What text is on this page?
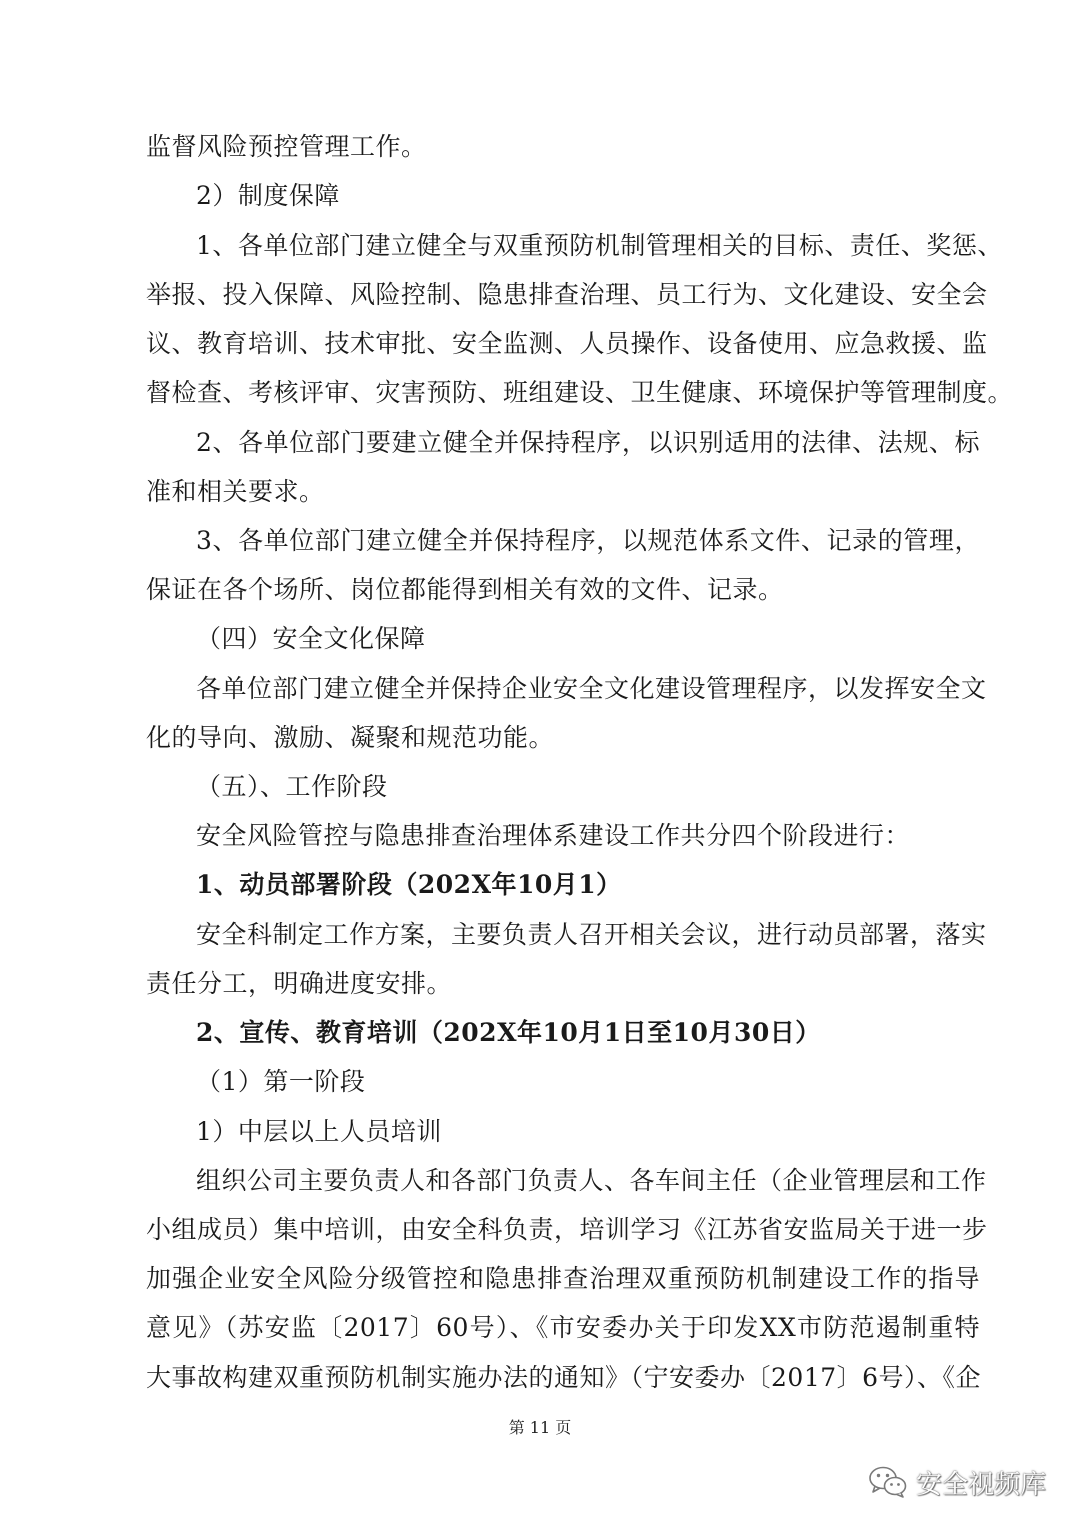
监督风险预控管理工作。
2）制度保障
1、各单位部门建立健全与双重预防机制管理相关的目标、责任、奖惩、
举报、投入保障、风险控制、隐患排查治理、员工行为、文化建设、安全会
议、教育培训、技术审批、安全监测、人员操作、设备使用、应急救援、监
督检查、考核评审、灾害预防、班组建设、卫生健康、环境保护等管理制度。
2、各单位部门要建立健全并保持程序，以识别适用的法律、法规、标
准和相关要求。
3、各单位部门建立健全并保持程序，以规范体系文件、记录的管理，
保证在各个场所、岗位都能得到相关有效的文件、记录。
（四）安全文化保障
各单位部门建立健全并保持企业安全文化建设管理程序，以发挥安全文
化的导向、激励、凝聚和规范功能。
（五）、工作阶段
安全风险管控与隐患排查治理体系建设工作共分四个阶段进行：
1、动员部署阶段（202X年10月1）
安全科制定工作方案，主要负责人召开相关会议，进行动员部署，落实
责任分工，明确进度安排。
2、宣传、教育培训（202X年10月1日至10月30日）
（1）第一阶段
1）中层以上人员培训
组织公司主要负责人和各部门负责人、各车间主任（企业管理层和工作
小组成员）集中培训，由安全科负责，培训学习《江苏省安监局关于进一步
加强企业安全风险分级管控和隐患排查治理双重预防机制建设工作的指导
意见》（苏安监〔2017〕60号）、《市安委办关于印发XX市防范遏制重特
大事故构建双重预防机制实施办法的通知》（宁安委办〔2017〕6号）、《企
第 11 页
安全视频库
